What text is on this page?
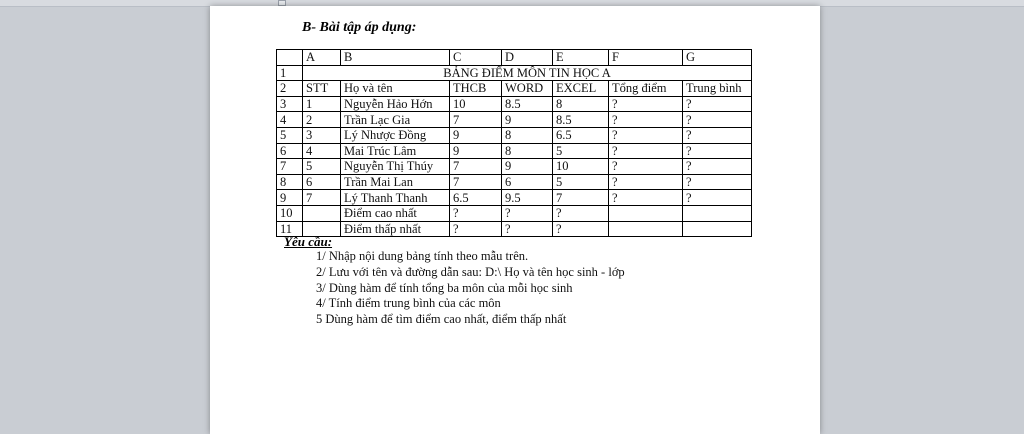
B- Bài tập áp dụng:
	A	B	C	D	E	F	G
1	BẢNG ĐIỂM MÔN TIN HỌC A						
2	STT	Họ và tên	THCB	WORD	EXCEL	Tổng điểm	Trung bình
3	1	Nguyễn Hảo Hớn	10	8.5	8	?	?
4	2	Trần Lạc Gia	7	9	8.5	?	?
5	3	Lý Nhược Đồng	9	8	6.5	?	?
6	4	Mai Trúc Lâm	9	8	5	?	?
7	5	Nguyễn Thị Thúy	7	9	10	?	?
8	6	Trần Mai Lan	7	6	5	?	?
9	7	Lý Thanh Thanh	6.5	9.5	7	?	?
10		Điểm cao nhất	?	?	?		
11		Điểm thấp nhất	?	?	?		
Yêu cầu:
1/ Nhập nội dung bảng tính theo mẫu trên.
2/ Lưu với tên và đường dẫn sau: D:\ Họ và tên học sinh - lớp
3/ Dùng hàm để tính tổng ba môn của mỗi học sinh
4/ Tính điểm trung bình của các môn
5 Dùng hàm để tìm điểm cao nhất, điểm thấp nhất
